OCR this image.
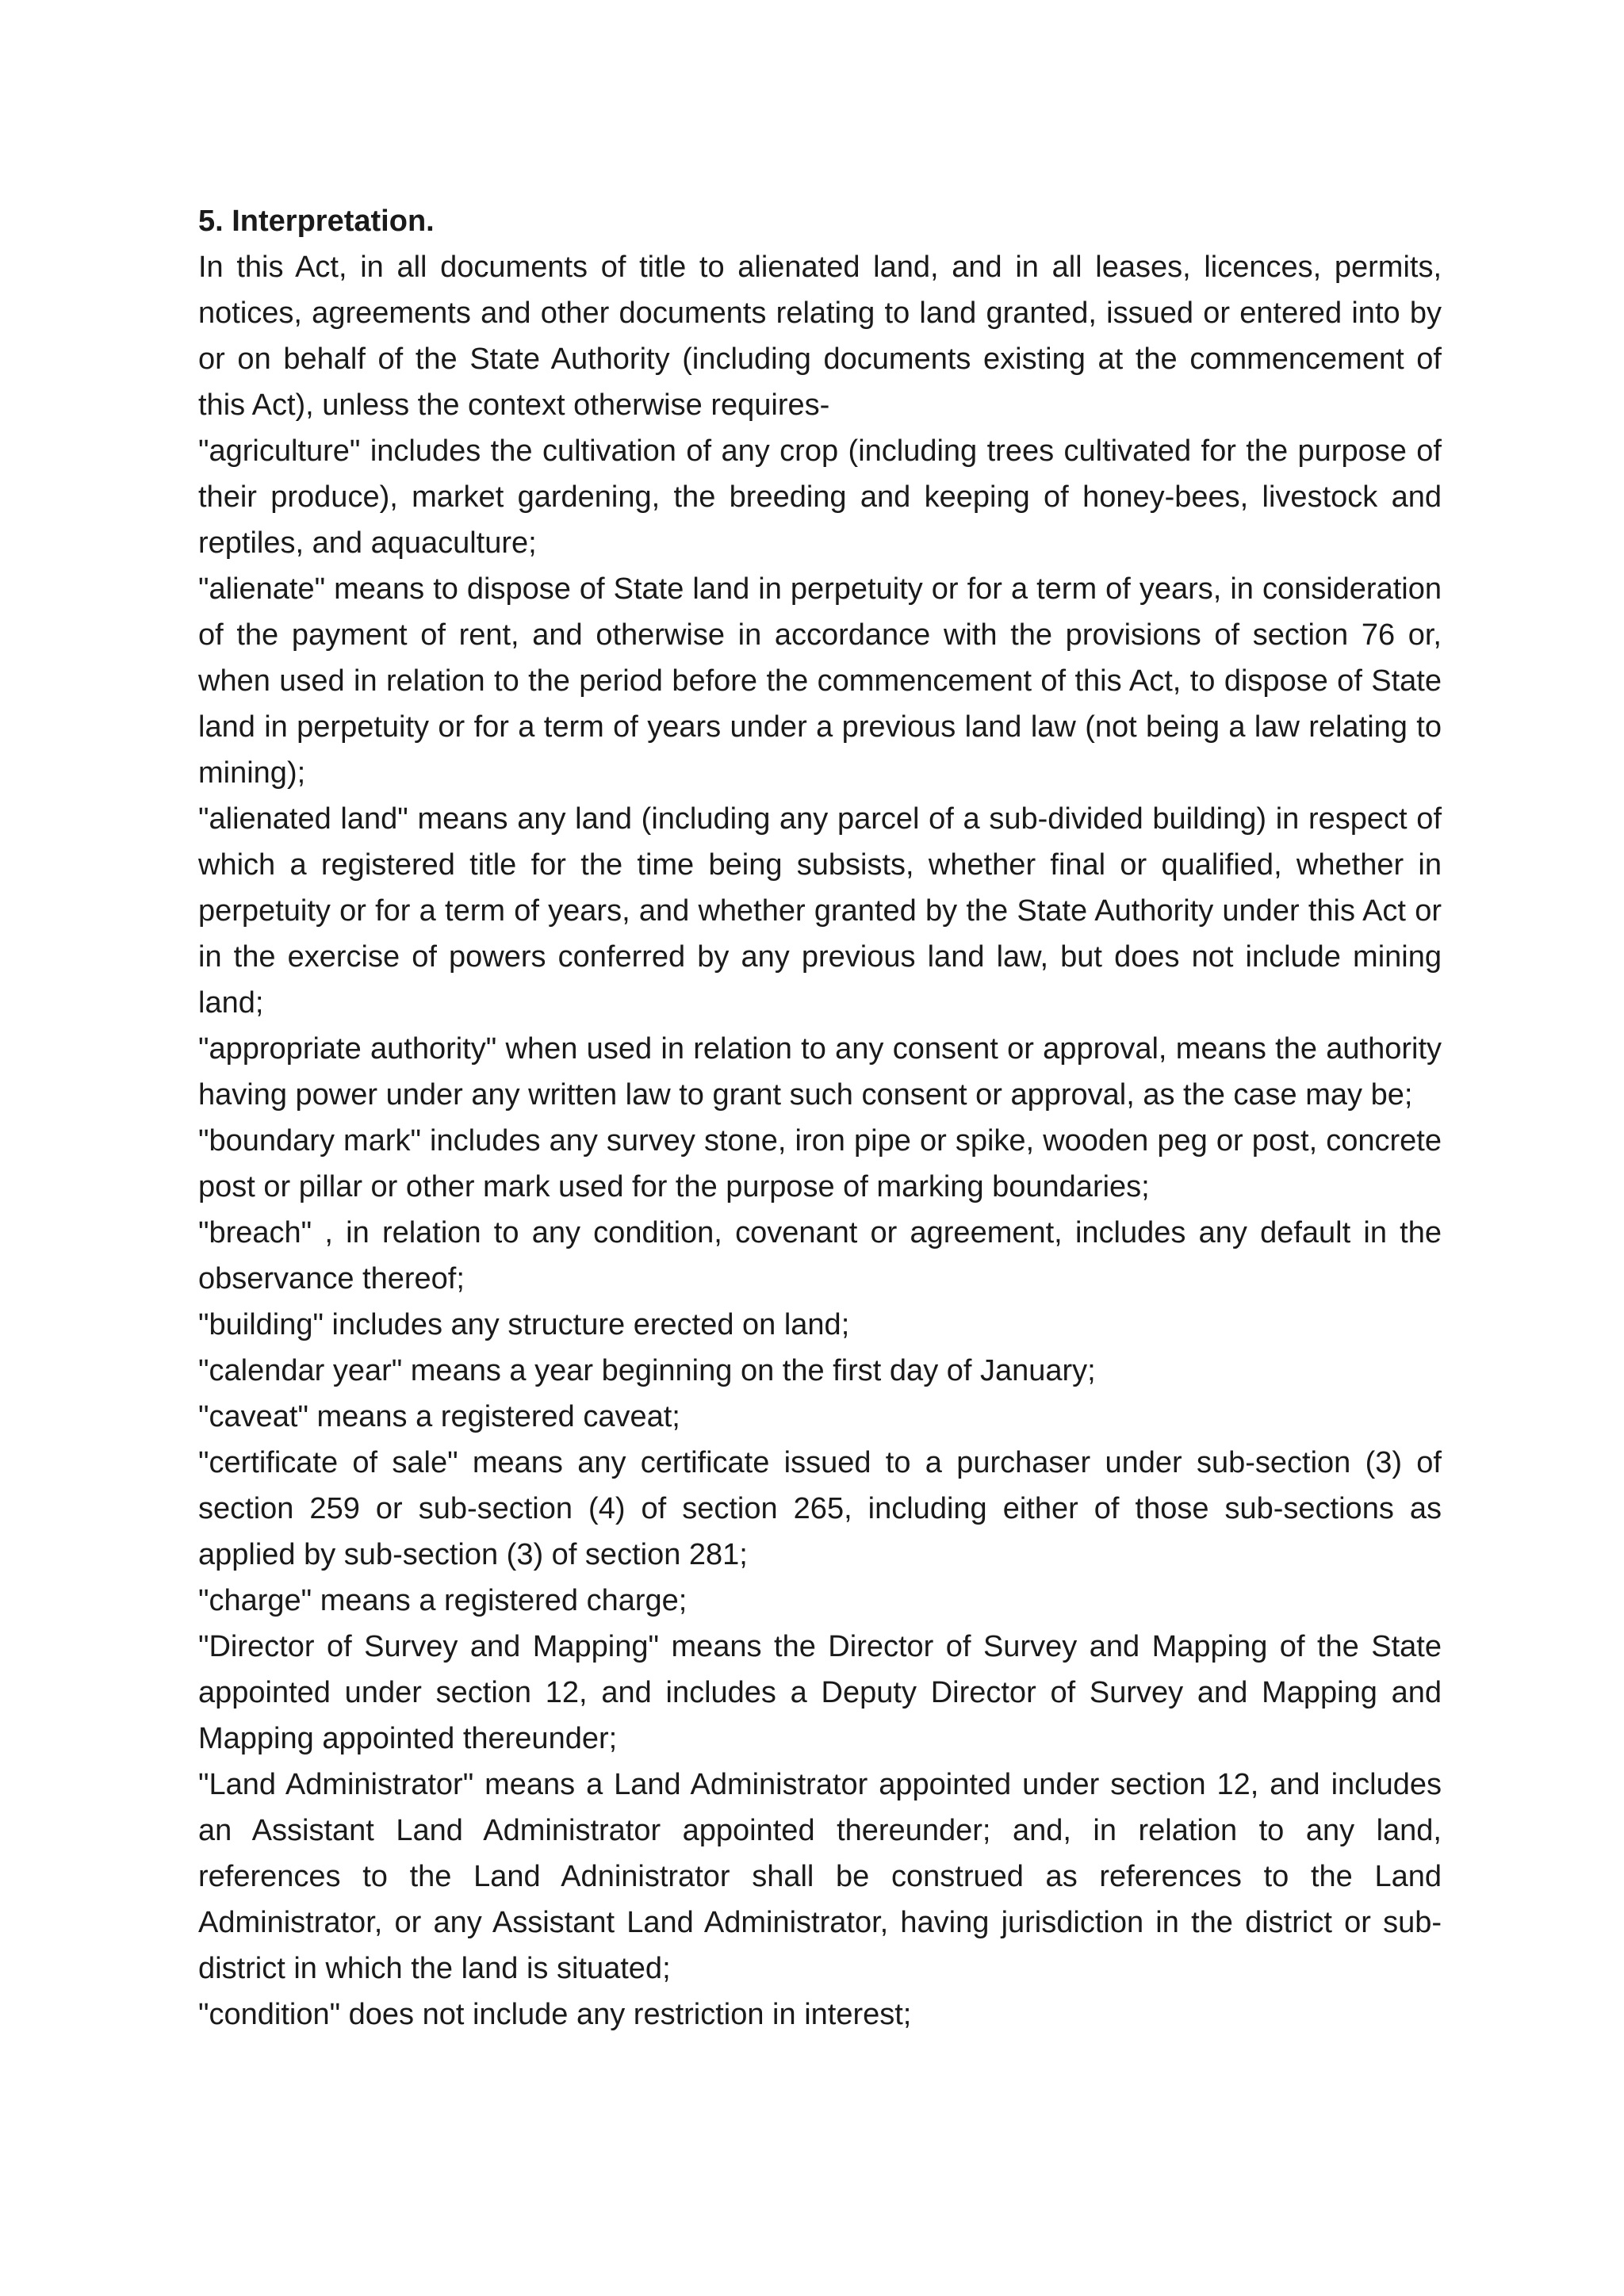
5. Interpretation.

In this Act, in all documents of title to alienated land, and in all leases, licences, permits, notices, agreements and other documents relating to land granted, issued or entered into by or on behalf of the State Authority (including documents existing at the commencement of this Act), unless the context otherwise requires-

"agriculture" includes the cultivation of any crop (including trees cultivated for the purpose of their produce), market gardening, the breeding and keeping of honey-bees, livestock and reptiles, and aquaculture;

"alienate" means to dispose of State land in perpetuity or for a term of years, in consideration of the payment of rent, and otherwise in accordance with the provisions of section 76 or, when used in relation to the period before the commencement of this Act, to dispose of State land in perpetuity or for a term of years under a previous land law (not being a law relating to mining);

"alienated land" means any land (including any parcel of a sub-divided building) in respect of which a registered title for the time being subsists, whether final or qualified, whether in perpetuity or for a term of years, and whether granted by the State Authority under this Act or in the exercise of powers conferred by any previous land law, but does not include mining land;

"appropriate authority" when used in relation to any consent or approval, means the authority having power under any written law to grant such consent or approval, as the case may be;

"boundary mark" includes any survey stone, iron pipe or spike, wooden peg or post, concrete post or pillar or other mark used for the purpose of marking boundaries;

"breach" , in relation to any condition, covenant or agreement, includes any default in the observance thereof;

"building" includes any structure erected on land;

"calendar year" means a year beginning on the first day of January;

"caveat" means a registered caveat;

"certificate of sale" means any certificate issued to a purchaser under sub-section (3) of section 259 or sub-section (4) of section 265, including either of those sub-sections as applied by sub-section (3) of section 281;

"charge" means a registered charge;

"Director of Survey and Mapping" means the Director of Survey and Mapping of the State appointed under section 12, and includes a Deputy Director of Survey and Mapping and Mapping appointed thereunder;

"Land Administrator" means a Land Administrator appointed under section 12, and includes an Assistant Land Administrator appointed thereunder; and, in relation to any land, references to the Land Adninistrator shall be construed as references to the Land Administrator, or any Assistant Land Administrator, having jurisdiction in the district or sub-district in which the land is situated;

"condition" does not include any restriction in interest;
